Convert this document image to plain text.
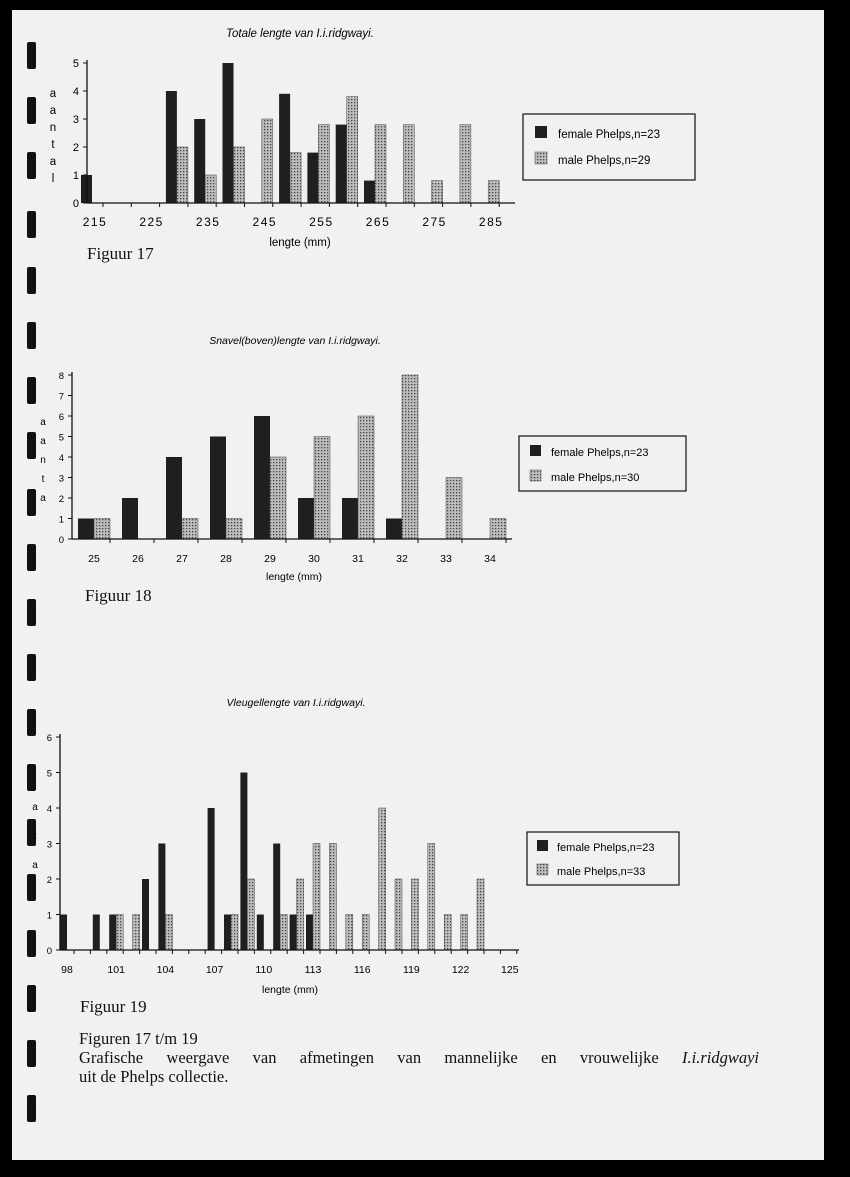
Totale lengte van I.i.ridgwayi.
lengte (mm)
a
a
n
t
a
l
0
1
2
3
4
5
215	225	235	245	255	265	275	285
female Phelps,n=23
male Phelps,n=29
Snavel(boven)lengte van I.i.ridgwayi.
lengte (mm)
a
a
n
t
a
0
1
2
3
4
5
6
7
8
25	26	27	28	29	30	31	32	33	34
female Phelps,n=23
male Phelps,n=30
Vleugellengte van I.i.ridgwayi.
lengte (mm)
a
t
a
0
1
2
3
4
5
6
98	101	104	107	110	113	116	119	122	125
female Phelps,n=23
male Phelps,n=33
Figuur 17
Figuur 18
Figuur 19
Figuren 17 t/m 19
Grafische weergave van afmetingen van mannelijke en vrouwelijke I.i.ridgwayi
uit de Phelps collectie.
